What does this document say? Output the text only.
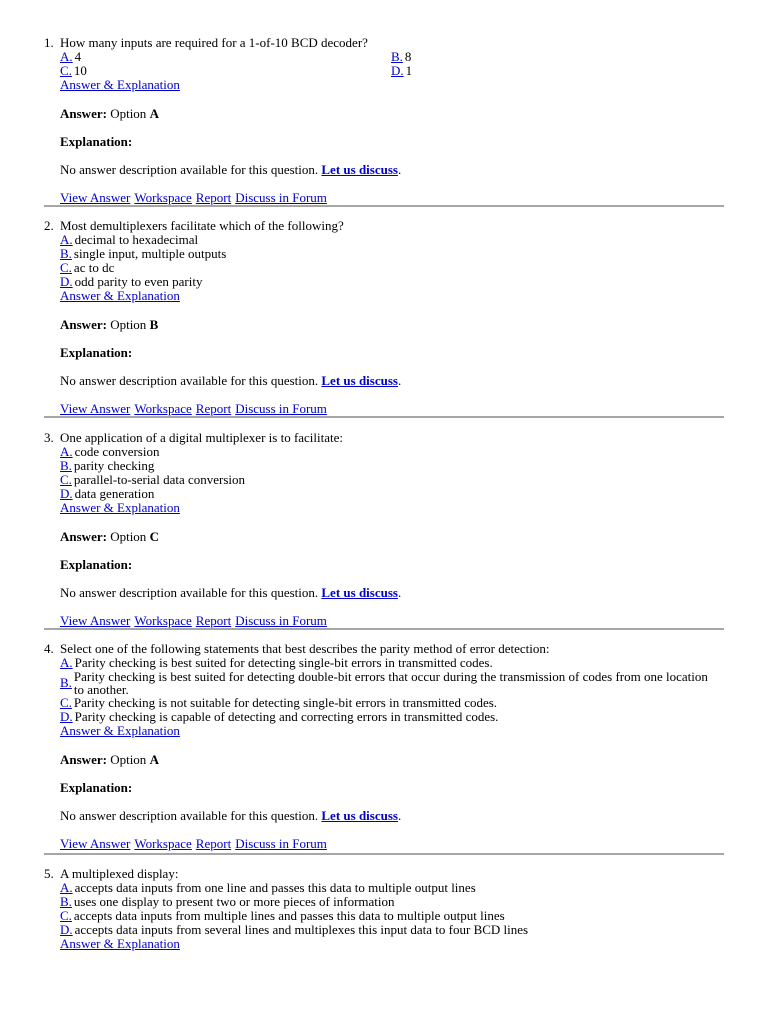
1. How many inputs are required for a 1-of-10 BCD decoder?
A. 4	B. 8
C. 10	D. 1
Answer & Explanation
Answer: Option A
Explanation:
No answer description available for this question. Let us discuss.
View Answer Workspace Report Discuss in Forum
2. Most demultiplexers facilitate which of the following?
A. decimal to hexadecimal
B. single input, multiple outputs
C. ac to dc
D. odd parity to even parity
Answer & Explanation
Answer: Option B
Explanation:
No answer description available for this question. Let us discuss.
View Answer Workspace Report Discuss in Forum
3. One application of a digital multiplexer is to facilitate:
A. code conversion
B. parity checking
C. parallel-to-serial data conversion
D. data generation
Answer & Explanation
Answer: Option C
Explanation:
No answer description available for this question. Let us discuss.
View Answer Workspace Report Discuss in Forum
4. Select one of the following statements that best describes the parity method of error detection:
A. Parity checking is best suited for detecting single-bit errors in transmitted codes.
B. Parity checking is best suited for detecting double-bit errors that occur during the transmission of codes from one location to another.
C. Parity checking is not suitable for detecting single-bit errors in transmitted codes.
D. Parity checking is capable of detecting and correcting errors in transmitted codes.
Answer & Explanation
Answer: Option A
Explanation:
No answer description available for this question. Let us discuss.
View Answer Workspace Report Discuss in Forum
5. A multiplexed display:
A. accepts data inputs from one line and passes this data to multiple output lines
B. uses one display to present two or more pieces of information
C. accepts data inputs from multiple lines and passes this data to multiple output lines
D. accepts data inputs from several lines and multiplexes this input data to four BCD lines
Answer & Explanation
